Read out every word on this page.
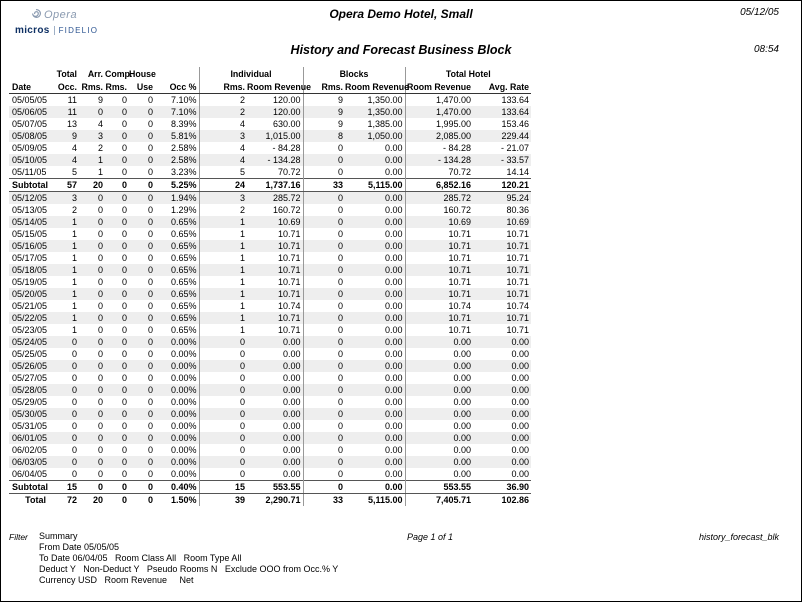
Opera
micros	FIDELIO
Opera Demo Hotel, Small	05/12/05
History and Forecast Business Block	08:54
	Total	Arr.	Comp.	House		Individual		Blocks		Total Hotel	
Date	Occ.	Rms.	Rms.	Use	Occ %	Rms.	Room Revenue	Rms.	Room Revenue	Room Revenue	Avg. Rate
05/05/05	11	9	0	0	7.10%	2	120.00	9	1,350.00	1,470.00	133.64
05/06/05	11	0	0	0	7.10%	2	120.00	9	1,350.00	1,470.00	133.64
05/07/05	13	4	0	0	8.39%	4	630.00	9	1,385.00	1,995.00	153.46
05/08/05	9	3	0	0	5.81%	3	1,015.00	8	1,050.00	2,085.00	229.44
05/09/05	4	2	0	0	2.58%	4	- 84.28	0	0.00	- 84.28	- 21.07
05/10/05	4	1	0	0	2.58%	4	- 134.28	0	0.00	- 134.28	- 33.57
05/11/05	5	1	0	0	3.23%	5	70.72	0	0.00	70.72	14.14
Subtotal	57	20	0	0	5.25%	24	1,737.16	33	5,115.00	6,852.16	120.21
05/12/05	3	0	0	0	1.94%	3	285.72	0	0.00	285.72	95.24
05/13/05	2	0	0	0	1.29%	2	160.72	0	0.00	160.72	80.36
05/14/05	1	0	0	0	0.65%	1	10.69	0	0.00	10.69	10.69
05/15/05	1	0	0	0	0.65%	1	10.71	0	0.00	10.71	10.71
05/16/05	1	0	0	0	0.65%	1	10.71	0	0.00	10.71	10.71
05/17/05	1	0	0	0	0.65%	1	10.71	0	0.00	10.71	10.71
05/18/05	1	0	0	0	0.65%	1	10.71	0	0.00	10.71	10.71
05/19/05	1	0	0	0	0.65%	1	10.71	0	0.00	10.71	10.71
05/20/05	1	0	0	0	0.65%	1	10.71	0	0.00	10.71	10.71
05/21/05	1	0	0	0	0.65%	1	10.74	0	0.00	10.74	10.74
05/22/05	1	0	0	0	0.65%	1	10.71	0	0.00	10.71	10.71
05/23/05	1	0	0	0	0.65%	1	10.71	0	0.00	10.71	10.71
05/24/05	0	0	0	0	0.00%	0	0.00	0	0.00	0.00	0.00
05/25/05	0	0	0	0	0.00%	0	0.00	0	0.00	0.00	0.00
05/26/05	0	0	0	0	0.00%	0	0.00	0	0.00	0.00	0.00
05/27/05	0	0	0	0	0.00%	0	0.00	0	0.00	0.00	0.00
05/28/05	0	0	0	0	0.00%	0	0.00	0	0.00	0.00	0.00
05/29/05	0	0	0	0	0.00%	0	0.00	0	0.00	0.00	0.00
05/30/05	0	0	0	0	0.00%	0	0.00	0	0.00	0.00	0.00
05/31/05	0	0	0	0	0.00%	0	0.00	0	0.00	0.00	0.00
06/01/05	0	0	0	0	0.00%	0	0.00	0	0.00	0.00	0.00
06/02/05	0	0	0	0	0.00%	0	0.00	0	0.00	0.00	0.00
06/03/05	0	0	0	0	0.00%	0	0.00	0	0.00	0.00	0.00
06/04/05	0	0	0	0	0.00%	0	0.00	0	0.00	0.00	0.00
Subtotal	15	0	0	0	0.40%	15	553.55	0	0.00	553.55	36.90
Total	72	20	0	0	1.50%	39	2,290.71	33	5,115.00	7,405.71	102.86
Filter Summary
From Date 05/05/05
To Date 06/04/05   Room Class All   Room Type All
Deduct Y   Non-Deduct Y   Pseudo Rooms N   Exclude OOO from Occ.% Y
Currency USD   Room Revenue     Net
Page 1 of 1	history_forecast_blk
